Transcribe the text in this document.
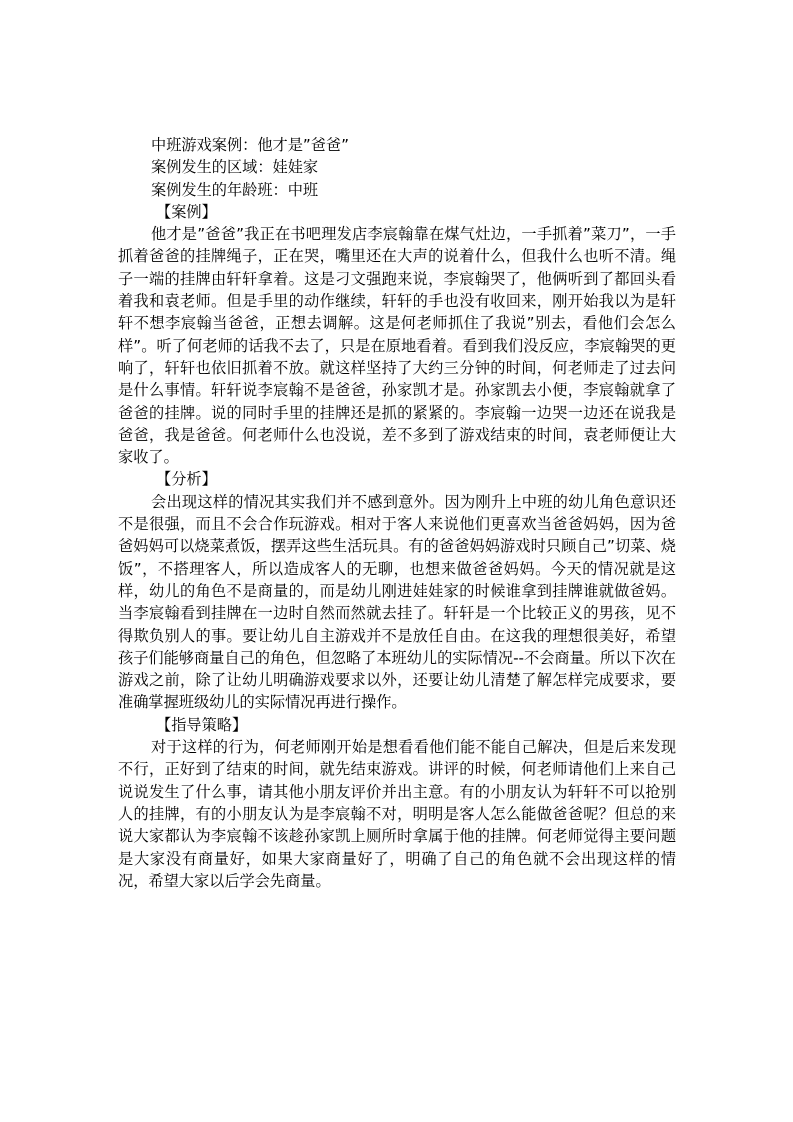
中班游戏案例：他才是”爸爸”

案例发生的区域：娃娃家

案例发生的年龄班：中班

【案例】

他才是”爸爸”我正在书吧理发店李宸翰靠在煤气灶边，一手抓着”菜刀”，一手抓着爸爸的挂牌绳子，正在哭，嘴里还在大声的说着什么，但我什么也听不清。绳子一端的挂牌由轩轩拿着。这是刁文强跑来说，李宸翰哭了，他俩听到了都回头看着我和袁老师。但是手里的动作继续，轩轩的手也没有收回来，刚开始我以为是轩轩不想李宸翰当爸爸，正想去调解。这是何老师抓住了我说”别去，看他们会怎么样”。听了何老师的话我不去了，只是在原地看着。看到我们没反应，李宸翰哭的更响了，轩轩也依旧抓着不放。就这样坚持了大约三分钟的时间，何老师走了过去问是什么事情。轩轩说李宸翰不是爸爸，孙家凯才是。孙家凯去小便，李宸翰就拿了爸爸的挂牌。说的同时手里的挂牌还是抓的紧紧的。李宸翰一边哭一边还在说我是爸爸，我是爸爸。何老师什么也没说，差不多到了游戏结束的时间，袁老师便让大家收了。

【分析】

会出现这样的情况其实我们并不感到意外。因为刚升上中班的幼儿角色意识还不是很强，而且不会合作玩游戏。相对于客人来说他们更喜欢当爸爸妈妈，因为爸爸妈妈可以烧菜煮饭，摆弄这些生活玩具。有的爸爸妈妈游戏时只顾自己”切菜、烧饭”，不搭理客人，所以造成客人的无聊，也想来做爸爸妈妈。今天的情况就是这样，幼儿的角色不是商量的，而是幼儿刚进娃娃家的时候谁拿到挂牌谁就做爸妈。当李宸翰看到挂牌在一边时自然而然就去挂了。轩轩是一个比较正义的男孩，见不得欺负别人的事。要让幼儿自主游戏并不是放任自由。在这我的理想很美好，希望孩子们能够商量自己的角色，但忽略了本班幼儿的实际情况--不会商量。所以下次在游戏之前，除了让幼儿明确游戏要求以外，还要让幼儿清楚了解怎样完成要求，要准确掌握班级幼儿的实际情况再进行操作。

【指导策略】

对于这样的行为，何老师刚开始是想看看他们能不能自己解决，但是后来发现不行，正好到了结束的时间，就先结束游戏。讲评的时候，何老师请他们上来自己说说发生了什么事，请其他小朋友评价并出主意。有的小朋友认为轩轩不可以抢别人的挂牌，有的小朋友认为是李宸翰不对，明明是客人怎么能做爸爸呢？但总的来说大家都认为李宸翰不该趁孙家凯上厕所时拿属于他的挂牌。何老师觉得主要问题是大家没有商量好，如果大家商量好了，明确了自己的角色就不会出现这样的情况，希望大家以后学会先商量。
